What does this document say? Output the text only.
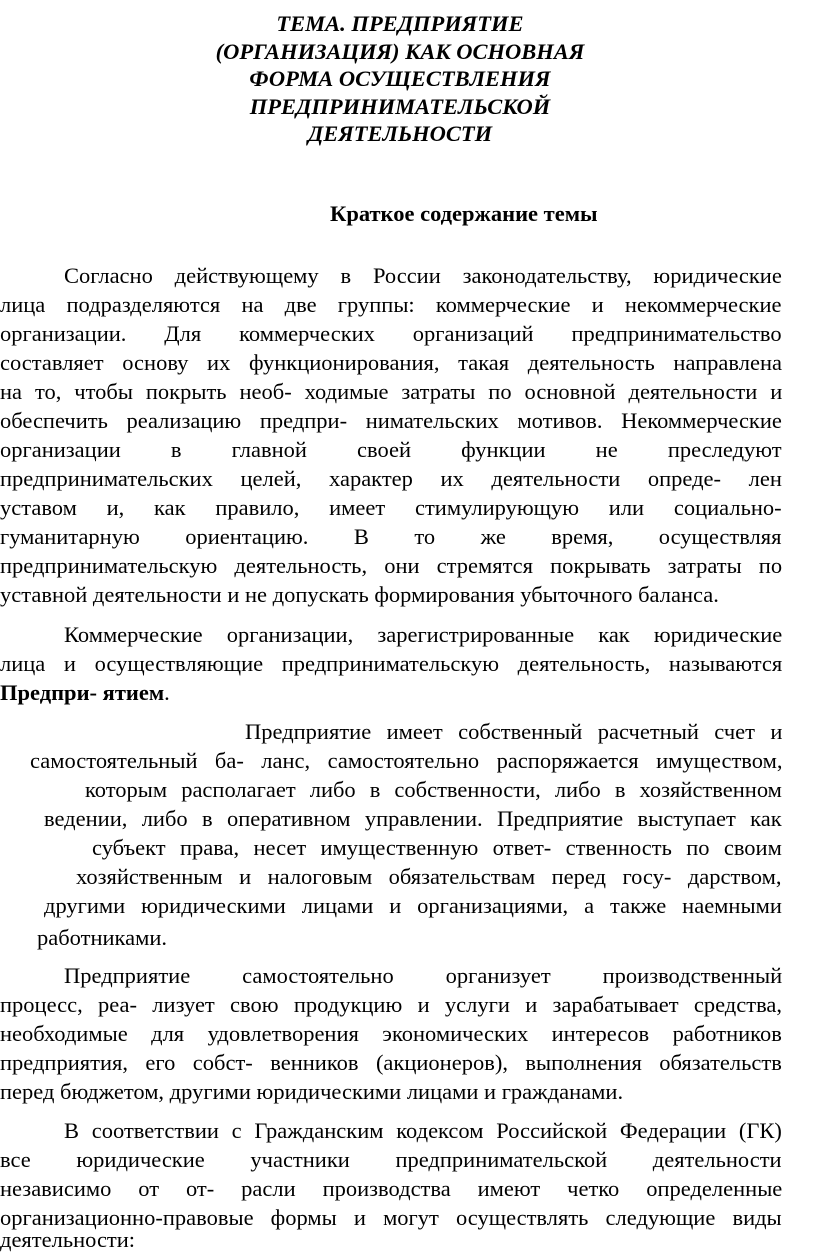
ТЕМА. ПРЕДПРИЯТИЕ
(ОРГАНИЗАЦИЯ) КАК ОСНОВНАЯ
ФОРМА ОСУЩЕСТВЛЕНИЯ
ПРЕДПРИНИМАТЕЛЬСКОЙ
ДЕЯТЕЛЬНОСТИ
Краткое содержание темы
Согласно действующему в России законодательству, юридические
лица подразделяются на две группы: коммерческие и некоммерческие
организации. Для коммерческих организаций предпринимательство
составляет основу их функционирования, такая деятельность направлена
на то, чтобы покрыть необ- ходимые затраты по основной деятельности и
обеспечить реализацию предпри- нимательских мотивов. Некоммерческие
организации в главной своей функции не преследуют
предпринимательских целей, характер их деятельности опреде- лен
уставом и, как правило, имеет стимулирующую или социально-
гуманитарную ориентацию. В то же время, осуществляя
предпринимательскую деятельность, они стремятся покрывать затраты по
уставной деятельности и не допускать формирования убыточного баланса.
Коммерческие организации, зарегистрированные как юридические
лица и осуществляющие предпринимательскую деятельность, называются
Предпри- ятием.
Предприятие имеет собственный расчетный счет и
самостоятельный ба- ланс, самостоятельно распоряжается имуществом,
которым располагает либо в собственности, либо в хозяйственном
ведении, либо в оперативном управлении. Предприятие выступает как
субъект права, несет имущественную ответ- ственность по своим
хозяйственным и налоговым обязательствам перед госу- дарством,
другими юридическими лицами и организациями, а также наемными
работниками.
Предприятие самостоятельно организует производственный
процесс, реа- лизует свою продукцию и услуги и зарабатывает средства,
необходимые для удовлетворения экономических интересов работников
предприятия, его собст- венников (акционеров), выполнения обязательств
перед бюджетом, другими юридическими лицами и гражданами.
В соответствии с Гражданским кодексом Российской Федерации (ГК)
все юридические участники предпринимательской деятельности
независимо от от- расли производства имеют четко определенные
организационно-правовые формы и могут осуществлять следующие виды
деятельности:
